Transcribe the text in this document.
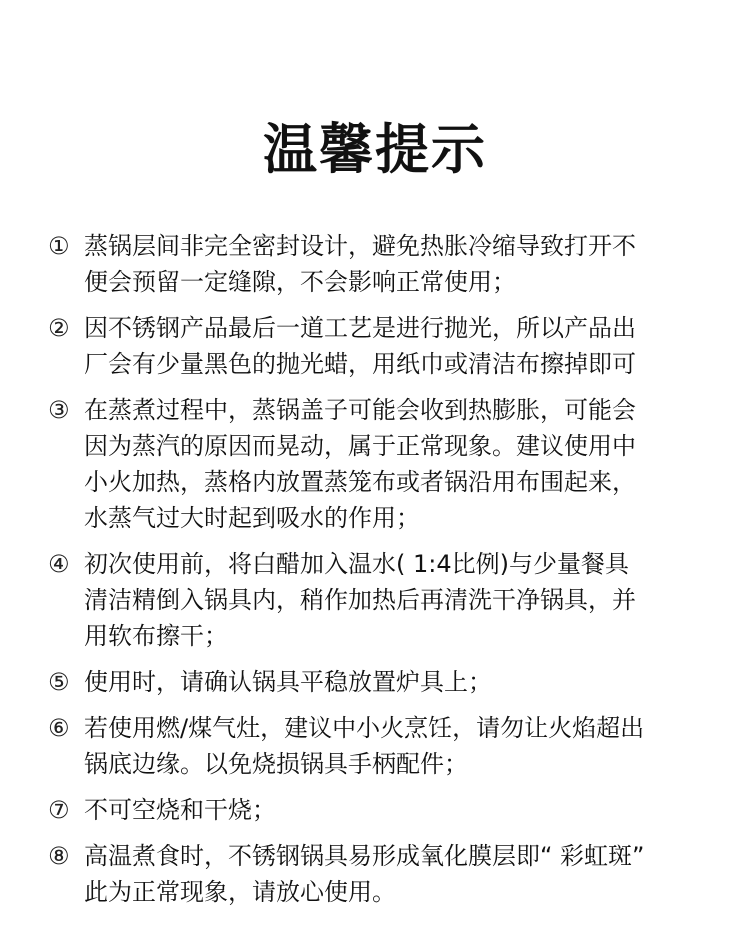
温馨提示
① 蒸锅层间非完全密封设计，避免热胀冷缩导致打开不
便会预留一定缝隙，不会影响正常使用；
② 因不锈钢产品最后一道工艺是进行抛光，所以产品出
厂会有少量黑色的抛光蜡，用纸巾或清洁布擦掉即可
③ 在蒸煮过程中，蒸锅盖子可能会收到热膨胀，可能会
因为蒸汽的原因而晃动，属于正常现象。建议使用中
小火加热，蒸格内放置蒸笼布或者锅沿用布围起来，
水蒸气过大时起到吸水的作用；
④ 初次使用前，将白醋加入温水( 1:4比例)与少量餐具
清洁精倒入锅具内，稍作加热后再清洗干净锅具，并
用软布擦干；
⑤ 使用时，请确认锅具平稳放置炉具上；
⑥ 若使用燃/煤气灶，建议中小火烹饪，请勿让火焰超出
锅底边缘。以免烧损锅具手柄配件；
⑦ 不可空烧和干烧；
⑧ 高温煮食时，不锈钢锅具易形成氧化膜层即“ 彩虹斑”
此为正常现象，请放心使用。
